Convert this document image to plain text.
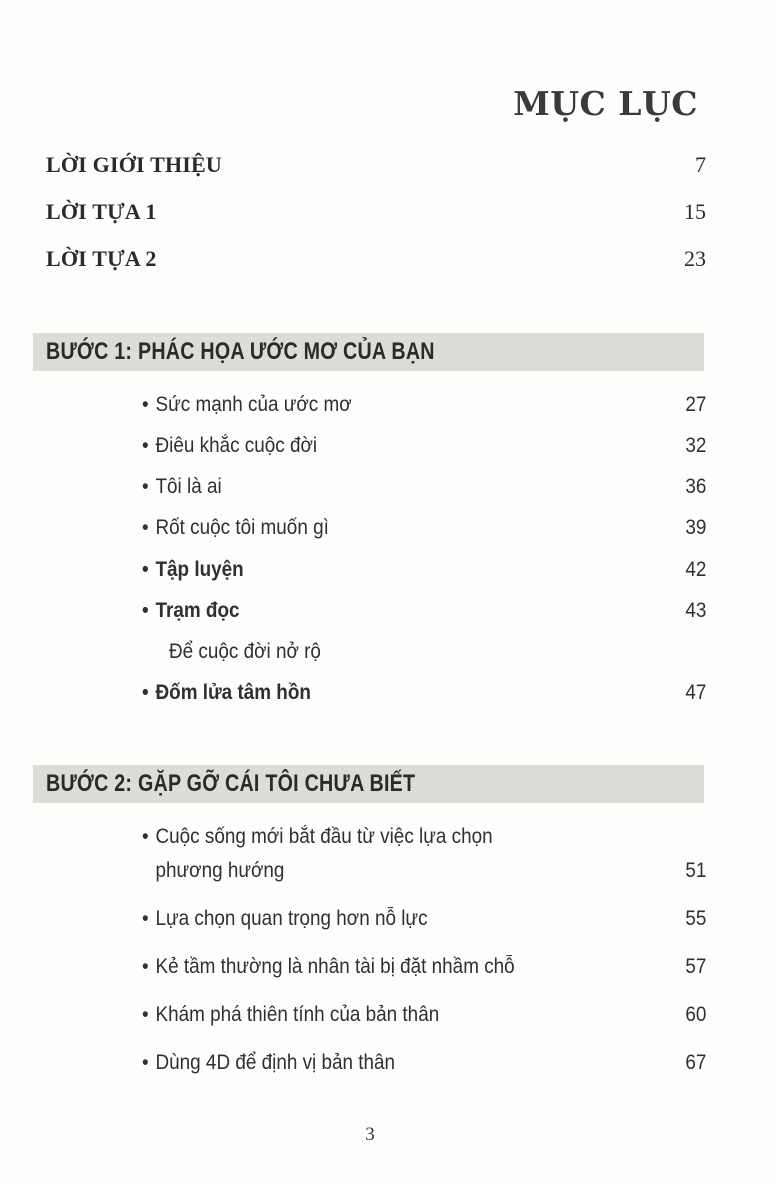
MỤC LỤC
LỜI GIỚI THIỆU	7
LỜI TỰA 1	15
LỜI TỰA 2	23
BƯỚC 1: PHÁC HỌA ƯỚC MƠ CỦA BẠN
• Sức mạnh của ước mơ	27
• Điêu khắc cuộc đời	32
• Tôi là ai	36
• Rốt cuộc tôi muốn gì	39
• Tập luyện	42
• Trạm đọc	43
Để cuộc đời nở rộ
• Đốm lửa tâm hồn	47
BƯỚC 2: GẶP GỠ CÁI TÔI CHƯA BIẾT
• Cuộc sống mới bắt đầu từ việc lựa chọn
phương hướng	51
• Lựa chọn quan trọng hơn nỗ lực	55
• Kẻ tầm thường là nhân tài bị đặt nhầm chỗ	57
• Khám phá thiên tính của bản thân	60
• Dùng 4D để định vị bản thân	67
3
